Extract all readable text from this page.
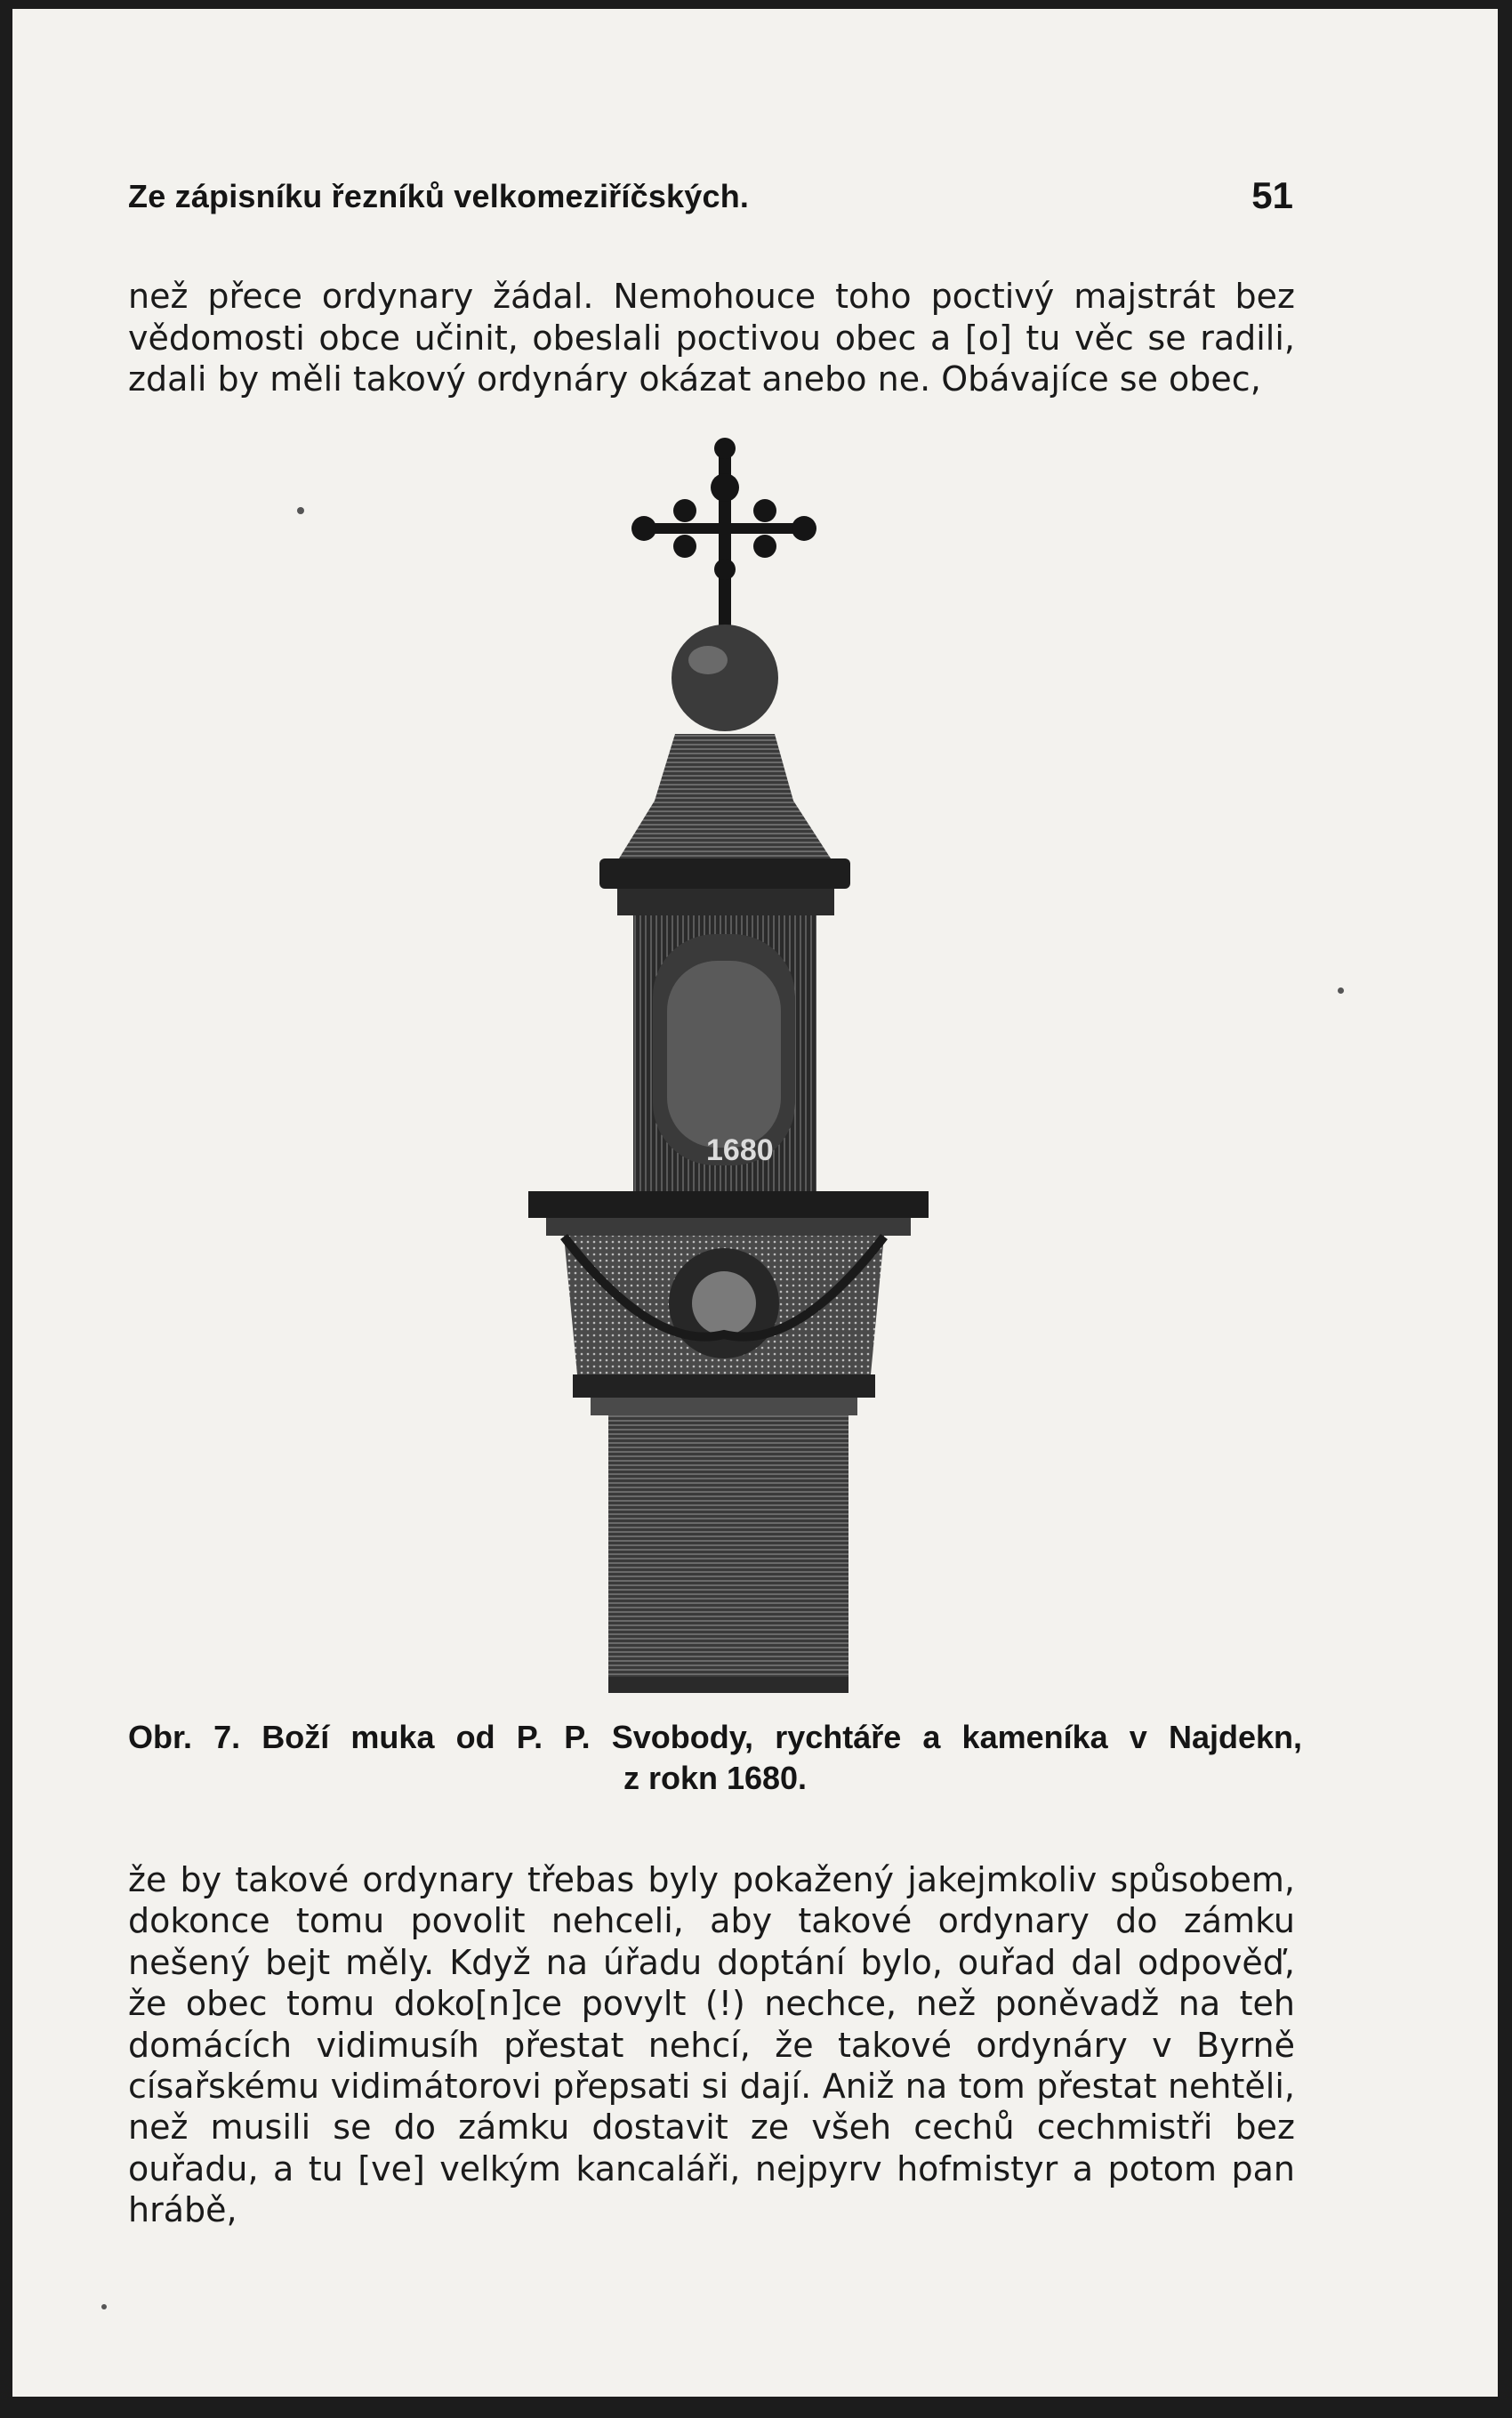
Ze zápisníku řezníků velkomeziříčských.	51
než přece ordynary žádal. Nemohouce toho poctivý majstrát bez vědomosti obce učinit, obeslali poctivou obec a [o] tu věc se radili, zdali by měli takový ordynáry okázat anebo ne. Obávajíce se obec,
1680
Obr. 7. Boží muka od P. P. Svobody, rychtáře a kameníka v Najdekn,
z rokn 1680.
že by takové ordynary třebas byly pokažený jakejmkoliv spůsobem, dokonce tomu povolit nehceli, aby takové ordynary do zámku nešený bejt měly. Když na úřadu doptání bylo, ouřad dal odpověď, že obec tomu doko[n]ce povylt (!) nechce, než poněvadž na teh domácích vidimusíh přestat nehcí, že takové ordynáry v Byrně císařskému vidimátorovi přepsati si dají. Aniž na tom přestat nehtěli, než musili se do zámku dostavit ze všeh cechů cechmistři bez ouřadu, a tu [ve] velkým kancaláři, nejpyrv hofmistyr a potom pan hrábě,
